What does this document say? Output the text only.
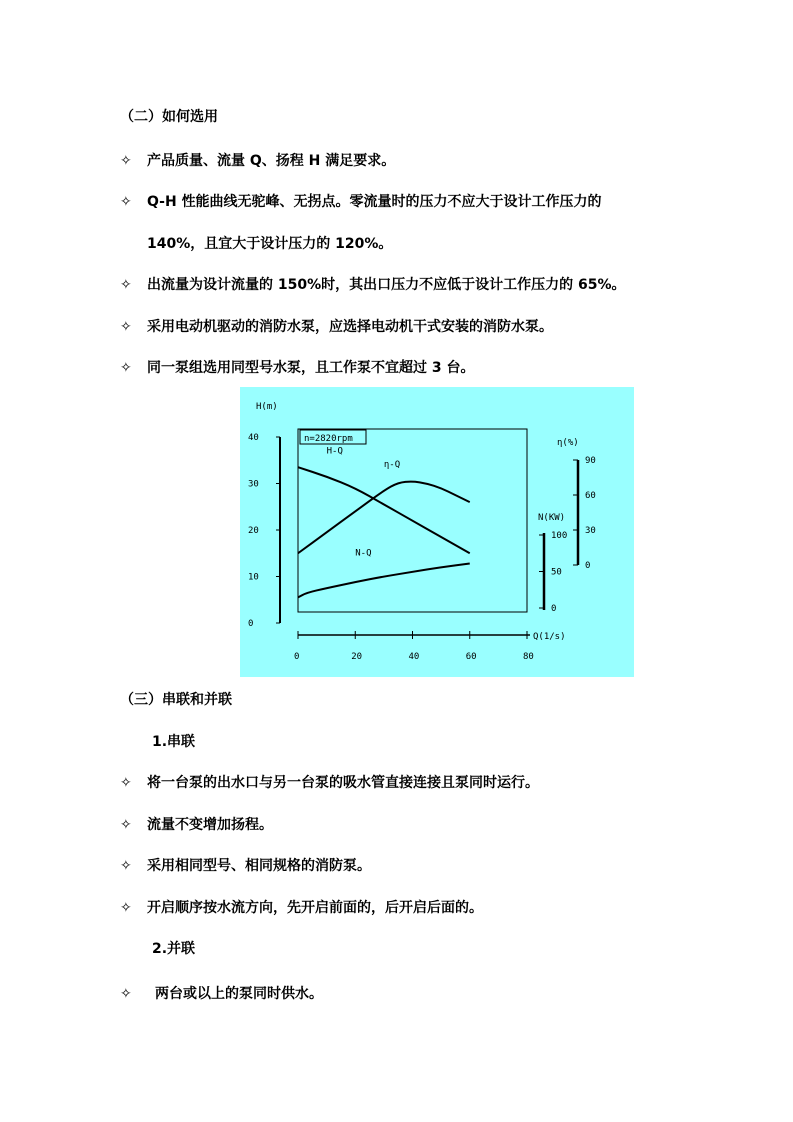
（二）如何选用
✧ 产品质量、流量 Q、扬程 H 满足要求。
✧ Q-H 性能曲线无驼峰、无拐点。零流量时的压力不应大于设计工作压力的
140%，且宜大于设计压力的 120%。
✧ 出流量为设计流量的 150%时，其出口压力不应低于设计工作压力的 65%。
✧ 采用电动机驱动的消防水泵，应选择电动机干式安装的消防水泵。
✧ 同一泵组选用同型号水泵，且工作泵不宜超过 3 台。
n=2820rpm
H(m)
Q(1/s)
η(%)
N(KW)
40
30
20
10
0
0	20	40	60	80
90
60
30
0
100
50
0
H-Q
η-Q
N-Q
（三）串联和并联
1.串联
✧ 将一台泵的出水口与另一台泵的吸水管直接连接且泵同时运行。
✧ 流量不变增加扬程。
✧ 采用相同型号、相同规格的消防泵。
✧ 开启顺序按水流方向，先开启前面的，后开启后面的。
2.并联
✧ 两台或以上的泵同时供水。
